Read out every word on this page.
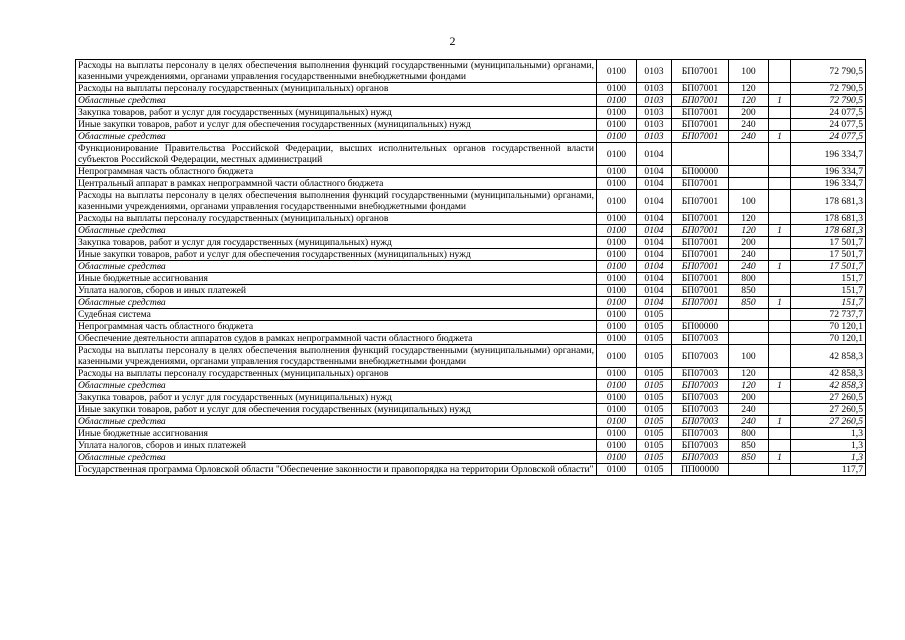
2
Расходы на выплаты персоналу в целях обеспечения выполнения функций государственными (муниципальными) органами, казенными учреждениями, органами управления государственными внебюджетными фондами	0100	0103	БП07001	100		72 790,5
Расходы на выплаты персоналу государственных (муниципальных) органов	0100	0103	БП07001	120		72 790,5
Областные средства	0100	0103	БП07001	120	1	72 790,5
Закупка товаров, работ и услуг для государственных (муниципальных) нужд	0100	0103	БП07001	200		24 077,5
Иные закупки товаров, работ и услуг для обеспечения государственных (муниципальных) нужд	0100	0103	БП07001	240		24 077,5
Областные средства	0100	0103	БП07001	240	1	24 077,5
Функционирование Правительства Российской Федерации, высших исполнительных органов государственной власти субъектов Российской Федерации, местных администраций	0100	0104				196 334,7
Непрограммная часть областного бюджета	0100	0104	БП00000			196 334,7
Центральный аппарат в рамках непрограммной части областного бюджета	0100	0104	БП07001			196 334,7
Расходы на выплаты персоналу в целях обеспечения выполнения функций государственными (муниципальными) органами, казенными учреждениями, органами управления государственными внебюджетными фондами	0100	0104	БП07001	100		178 681,3
Расходы на выплаты персоналу государственных (муниципальных) органов	0100	0104	БП07001	120		178 681,3
Областные средства	0100	0104	БП07001	120	1	178 681,3
Закупка товаров, работ и услуг для государственных (муниципальных) нужд	0100	0104	БП07001	200		17 501,7
Иные закупки товаров, работ и услуг для обеспечения государственных (муниципальных) нужд	0100	0104	БП07001	240		17 501,7
Областные средства	0100	0104	БП07001	240	1	17 501,7
Иные бюджетные ассигнования	0100	0104	БП07001	800		151,7
Уплата налогов, сборов и иных платежей	0100	0104	БП07001	850		151,7
Областные средства	0100	0104	БП07001	850	1	151,7
Судебная система	0100	0105				72 737,7
Непрограммная часть областного бюджета	0100	0105	БП00000			70 120,1
Обеспечение деятельности аппаратов судов в рамках непрограммной части областного бюджета	0100	0105	БП07003			70 120,1
Расходы на выплаты персоналу в целях обеспечения выполнения функций государственными (муниципальными) органами, казенными учреждениями, органами управления государственными внебюджетными фондами	0100	0105	БП07003	100		42 858,3
Расходы на выплаты персоналу государственных (муниципальных) органов	0100	0105	БП07003	120		42 858,3
Областные средства	0100	0105	БП07003	120	1	42 858,3
Закупка товаров, работ и услуг для государственных (муниципальных) нужд	0100	0105	БП07003	200		27 260,5
Иные закупки товаров, работ и услуг для обеспечения государственных (муниципальных) нужд	0100	0105	БП07003	240		27 260,5
Областные средства	0100	0105	БП07003	240	1	27 260,5
Иные бюджетные ассигнования	0100	0105	БП07003	800		1,3
Уплата налогов, сборов и иных платежей	0100	0105	БП07003	850		1,3
Областные средства	0100	0105	БП07003	850	1	1,3
Государственная программа Орловской области "Обеспечение законности и правопорядка на территории Орловской области"	0100	0105	ПП00000			117,7
